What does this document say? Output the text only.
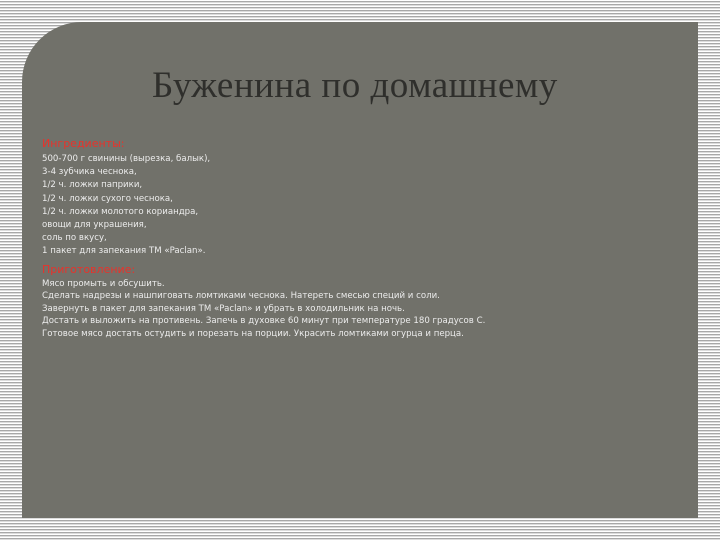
Буженина по домашнему

Ингредиенты:

500-700 г свинины (вырезка, балык),
3-4 зубчика чеснока,
1/2 ч. ложки паприки,
1/2 ч. ложки сухого чеснока,
1/2 ч. ложки молотого кориандра,
овощи для украшения,
соль по вкусу,
1 пакет для запекания ТМ «Paclan».

Приготовление:

Мясо промыть и обсушить.
Сделать надрезы и нашпиговать ломтиками чеснока. Натереть смесью специй и соли.
Завернуть в пакет для запекания ТМ «Paclan» и убрать в холодильник на ночь.
Достать и выложить на противень. Запечь в духовке 60 минут при температуре 180 градусов С.
Готовое мясо достать остудить и порезать на порции. Украсить ломтиками огурца и перца.
